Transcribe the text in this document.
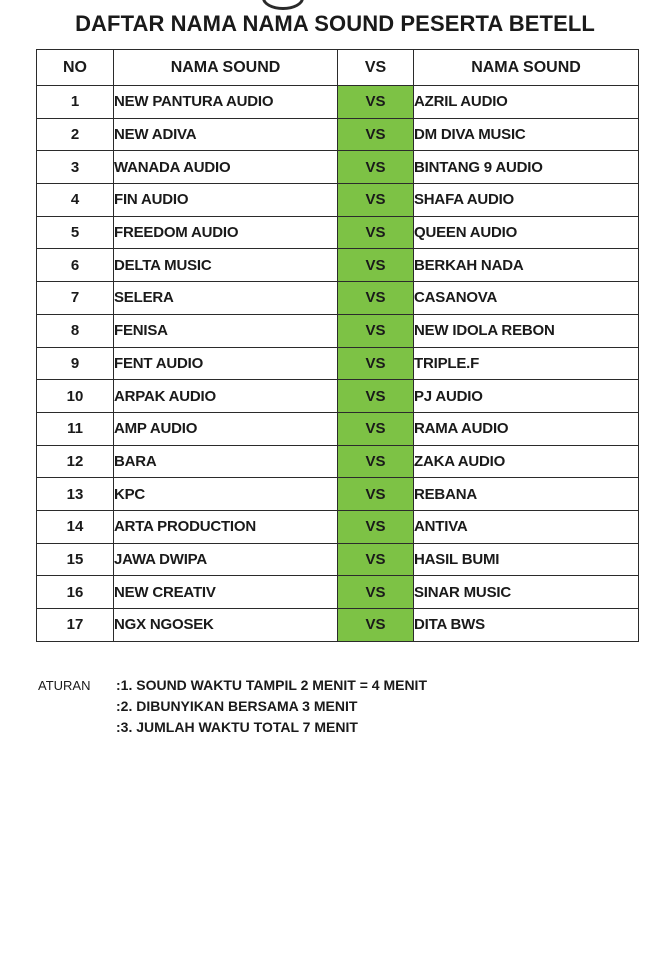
DAFTAR NAMA NAMA SOUND PESERTA BETELL
NO	NAMA SOUND	VS	NAMA SOUND
1	NEW PANTURA AUDIO	VS	AZRIL AUDIO
2	NEW ADIVA	VS	DM DIVA MUSIC
3	WANADA AUDIO	VS	BINTANG 9 AUDIO
4	FIN AUDIO	VS	SHAFA AUDIO
5	FREEDOM AUDIO	VS	QUEEN AUDIO
6	DELTA MUSIC	VS	BERKAH NADA
7	SELERA	VS	CASANOVA
8	FENISA	VS	NEW IDOLA REBON
9	FENT AUDIO	VS	TRIPLE.F
10	ARPAK AUDIO	VS	PJ AUDIO
11	AMP AUDIO	VS	RAMA AUDIO
12	BARA	VS	ZAKA AUDIO
13	KPC	VS	REBANA
14	ARTA PRODUCTION	VS	ANTIVA
15	JAWA DWIPA	VS	HASIL BUMI
16	NEW CREATIV	VS	SINAR MUSIC
17	NGX NGOSEK	VS	DITA BWS
ATURAN :1. SOUND WAKTU TAMPIL 2 MENIT = 4 MENIT
:2. DIBUNYIKAN BERSAMA 3 MENIT
:3. JUMLAH WAKTU TOTAL 7 MENIT
